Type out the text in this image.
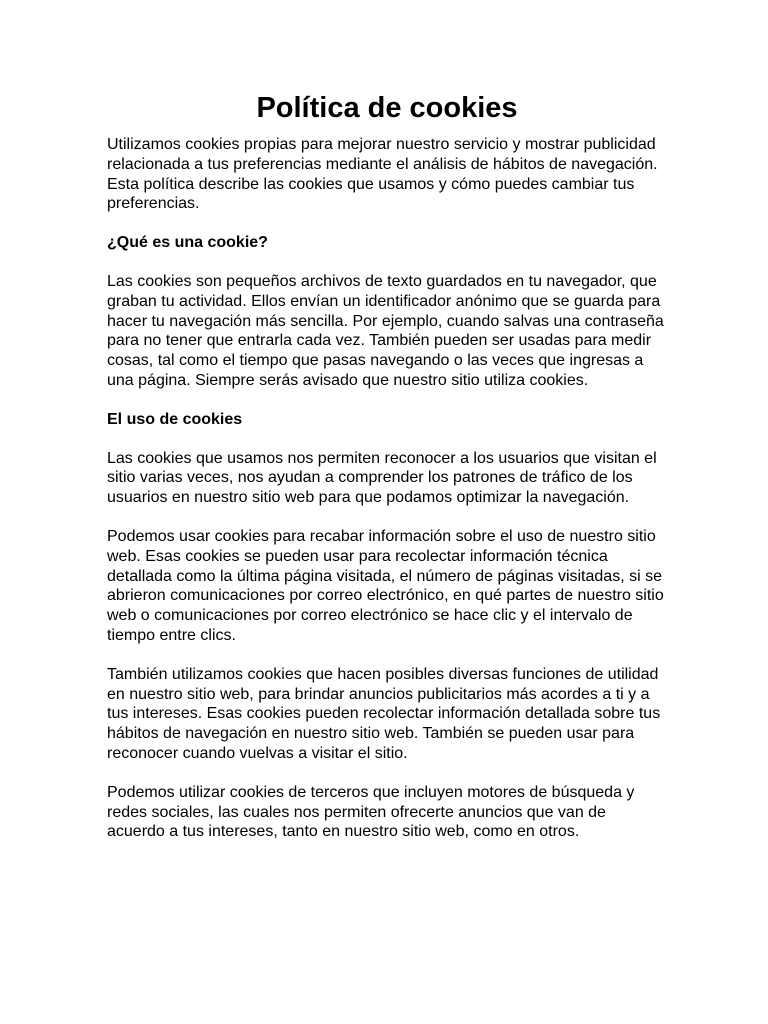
Política de cookies

Utilizamos cookies propias para mejorar nuestro servicio y mostrar publicidad relacionada a tus preferencias mediante el análisis de hábitos de navegación. Esta política describe las cookies que usamos y cómo puedes cambiar tus preferencias.

¿Qué es una cookie?

Las cookies son pequeños archivos de texto guardados en tu navegador, que graban tu actividad. Ellos envían un identificador anónimo que se guarda para hacer tu navegación más sencilla. Por ejemplo, cuando salvas una contraseña para no tener que entrarla cada vez. También pueden ser usadas para medir cosas, tal como el tiempo que pasas navegando o las veces que ingresas a una página. Siempre serás avisado que nuestro sitio utiliza cookies.

El uso de cookies

Las cookies que usamos nos permiten reconocer a los usuarios que visitan el sitio varias veces, nos ayudan a comprender los patrones de tráfico de los usuarios en nuestro sitio web para que podamos optimizar la navegación.

Podemos usar cookies para recabar información sobre el uso de nuestro sitio web. Esas cookies se pueden usar para recolectar información técnica detallada como la última página visitada, el número de páginas visitadas, si se abrieron comunicaciones por correo electrónico, en qué partes de nuestro sitio web o comunicaciones por correo electrónico se hace clic y el intervalo de tiempo entre clics.

También utilizamos cookies que hacen posibles diversas funciones de utilidad en nuestro sitio web, para brindar anuncios publicitarios más acordes a ti y a tus intereses. Esas cookies pueden recolectar información detallada sobre tus hábitos de navegación en nuestro sitio web. También se pueden usar para reconocer cuando vuelvas a visitar el sitio.

Podemos utilizar cookies de terceros que incluyen motores de búsqueda y redes sociales, las cuales nos permiten ofrecerte anuncios que van de acuerdo a tus intereses, tanto en nuestro sitio web, como en otros.
